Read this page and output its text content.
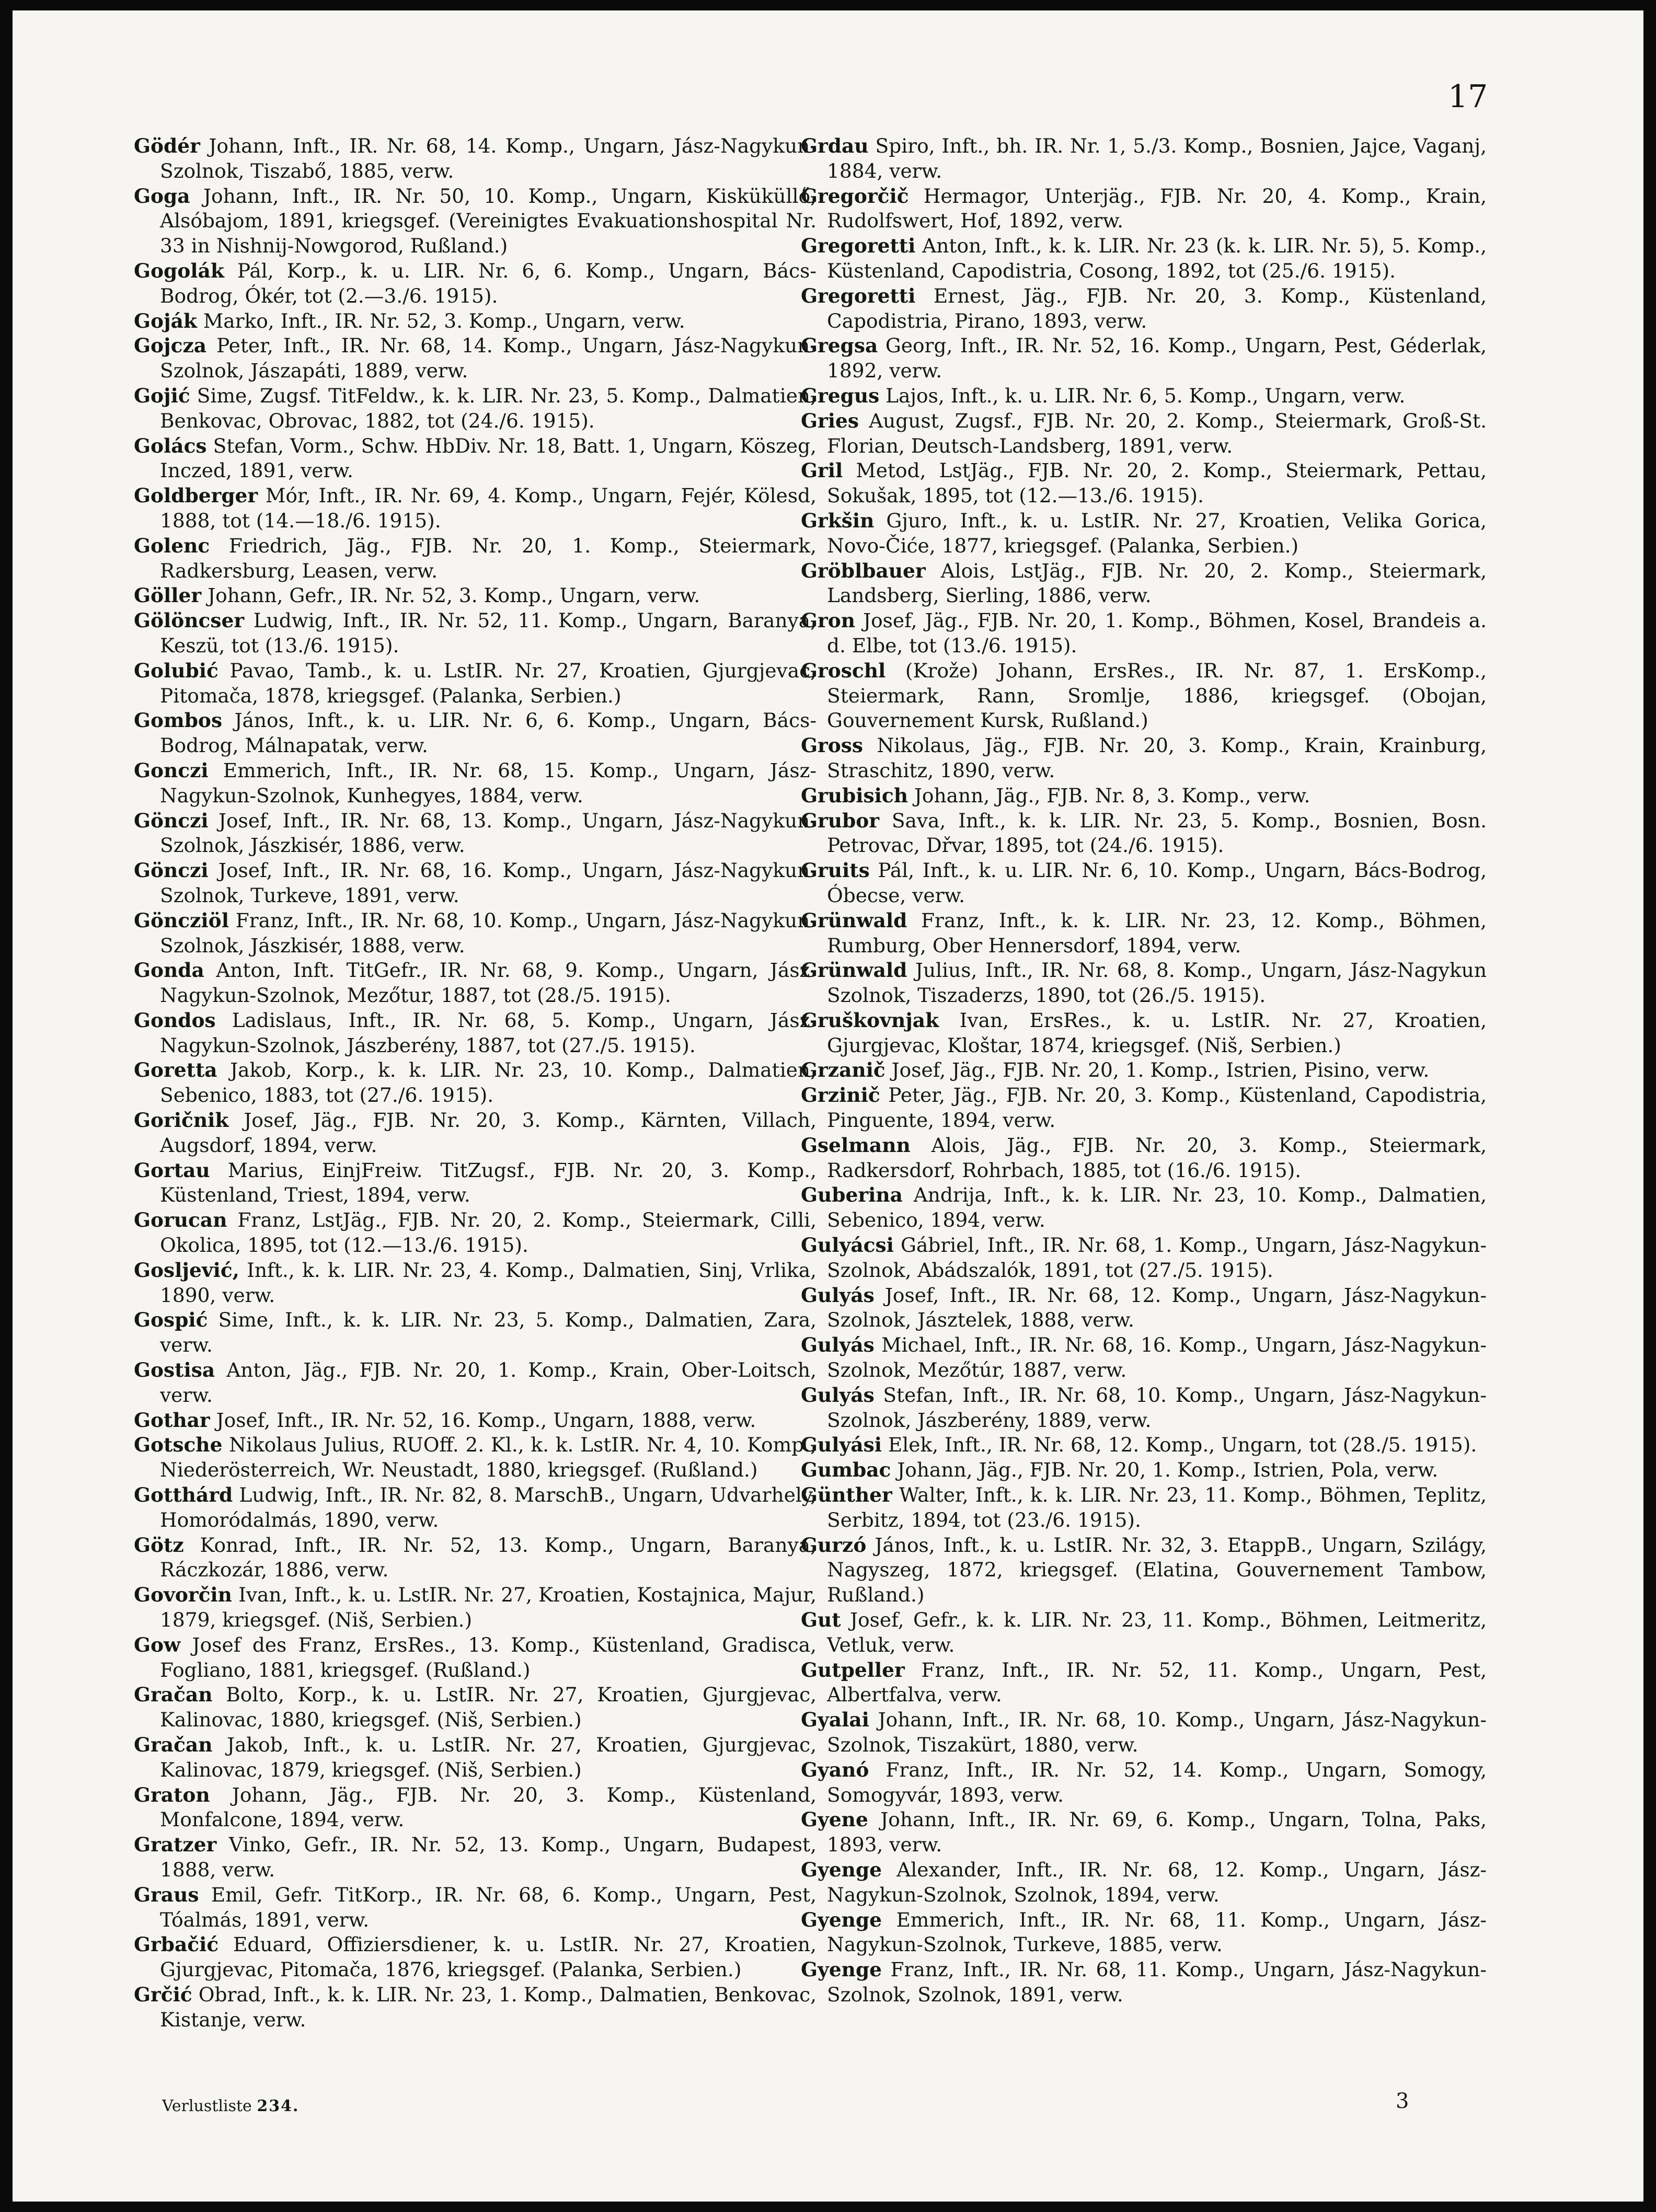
17

Gödér Johann, Inft., IR. Nr. 68, 14. Komp., Ungarn, Jász-Nagykun-Szolnok, Tiszabő, 1885, verw.

Goga Johann, Inft., IR. Nr. 50, 10. Komp., Ungarn, Kisküküllő, Alsóbajom, 1891, kriegsgef. (Vereinigtes Evakuationshospital Nr. 33 in Nishnij-Nowgorod, Rußland.)

Gogolák Pál, Korp., k. u. LIR. Nr. 6, 6. Komp., Ungarn, Bács-Bodrog, Ókér, tot (2.—3./6. 1915).

Goják Marko, Inft., IR. Nr. 52, 3. Komp., Ungarn, verw.

Gojcza Peter, Inft., IR. Nr. 68, 14. Komp., Ungarn, Jász-Nagykun-Szolnok, Jászapáti, 1889, verw.

Gojić Sime, Zugsf. TitFeldw., k. k. LIR. Nr. 23, 5. Komp., Dalmatien, Benkovac, Obrovac, 1882, tot (24./6. 1915).

Golács Stefan, Vorm., Schw. HbDiv. Nr. 18, Batt. 1, Ungarn, Köszeg, Inczed, 1891, verw.

Goldberger Mór, Inft., IR. Nr. 69, 4. Komp., Ungarn, Fejér, Kölesd, 1888, tot (14.—18./6. 1915).

Golenc Friedrich, Jäg., FJB. Nr. 20, 1. Komp., Steiermark, Radkersburg, Leasen, verw.

Göller Johann, Gefr., IR. Nr. 52, 3. Komp., Ungarn, verw.

Gölöncser Ludwig, Inft., IR. Nr. 52, 11. Komp., Ungarn, Baranya, Keszü, tot (13./6. 1915).

Golubić Pavao, Tamb., k. u. LstIR. Nr. 27, Kroatien, Gjurgjevac, Pitomača, 1878, kriegsgef. (Palanka, Serbien.)

Gombos János, Inft., k. u. LIR. Nr. 6, 6. Komp., Ungarn, Bács-Bodrog, Málnapatak, verw.

Gonczi Emmerich, Inft., IR. Nr. 68, 15. Komp., Ungarn, Jász-Nagykun-Szolnok, Kunhegyes, 1884, verw.

Gönczi Josef, Inft., IR. Nr. 68, 13. Komp., Ungarn, Jász-Nagykun-Szolnok, Jászkisér, 1886, verw.

Gönczi Josef, Inft., IR. Nr. 68, 16. Komp., Ungarn, Jász-Nagykun-Szolnok, Turkeve, 1891, verw.

Göncziöl Franz, Inft., IR. Nr. 68, 10. Komp., Ungarn, Jász-Nagykun-Szolnok, Jászkisér, 1888, verw.

Gonda Anton, Inft. TitGefr., IR. Nr. 68, 9. Komp., Ungarn, Jász-Nagykun-Szolnok, Mezőtur, 1887, tot (28./5. 1915).

Gondos Ladislaus, Inft., IR. Nr. 68, 5. Komp., Ungarn, Jász-Nagykun-Szolnok, Jászberény, 1887, tot (27./5. 1915).

Goretta Jakob, Korp., k. k. LIR. Nr. 23, 10. Komp., Dalmatien, Sebenico, 1883, tot (27./6. 1915).

Goričnik Josef, Jäg., FJB. Nr. 20, 3. Komp., Kärnten, Villach, Augsdorf, 1894, verw.

Gortau Marius, EinjFreiw. TitZugsf., FJB. Nr. 20, 3. Komp., Küstenland, Triest, 1894, verw.

Gorucan Franz, LstJäg., FJB. Nr. 20, 2. Komp., Steiermark, Cilli, Okolica, 1895, tot (12.—13./6. 1915).

Gosljević, Inft., k. k. LIR. Nr. 23, 4. Komp., Dalmatien, Sinj, Vrlika, 1890, verw.

Gospić Sime, Inft., k. k. LIR. Nr. 23, 5. Komp., Dalmatien, Zara, verw.

Gostisa Anton, Jäg., FJB. Nr. 20, 1. Komp., Krain, Ober-Loitsch, verw.

Gothar Josef, Inft., IR. Nr. 52, 16. Komp., Ungarn, 1888, verw.

Gotsche Nikolaus Julius, RUOff. 2. Kl., k. k. LstIR. Nr. 4, 10. Komp., Niederösterreich, Wr. Neustadt, 1880, kriegsgef. (Rußland.)

Gotthárd Ludwig, Inft., IR. Nr. 82, 8. MarschB., Ungarn, Udvarhely, Homoródalmás, 1890, verw.

Götz Konrad, Inft., IR. Nr. 52, 13. Komp., Ungarn, Baranya, Ráczkozár, 1886, verw.

Govorčin Ivan, Inft., k. u. LstIR. Nr. 27, Kroatien, Kostajnica, Majur, 1879, kriegsgef. (Niš, Serbien.)

Gow Josef des Franz, ErsRes., 13. Komp., Küstenland, Gradisca, Fogliano, 1881, kriegsgef. (Rußland.)

Gračan Bolto, Korp., k. u. LstIR. Nr. 27, Kroatien, Gjurgjevac, Kalinovac, 1880, kriegsgef. (Niš, Serbien.)

Gračan Jakob, Inft., k. u. LstIR. Nr. 27, Kroatien, Gjurgjevac, Kalinovac, 1879, kriegsgef. (Niš, Serbien.)

Graton Johann, Jäg., FJB. Nr. 20, 3. Komp., Küstenland, Monfalcone, 1894, verw.

Gratzer Vinko, Gefr., IR. Nr. 52, 13. Komp., Ungarn, Budapest, 1888, verw.

Graus Emil, Gefr. TitKorp., IR. Nr. 68, 6. Komp., Ungarn, Pest, Tóalmás, 1891, verw.

Grbačić Eduard, Offiziersdiener, k. u. LstIR. Nr. 27, Kroatien, Gjurgjevac, Pitomača, 1876, kriegsgef. (Palanka, Serbien.)

Grčić Obrad, Inft., k. k. LIR. Nr. 23, 1. Komp., Dalmatien, Benkovac, Kistanje, verw.

Grdau Spiro, Inft., bh. IR. Nr. 1, 5./3. Komp., Bosnien, Jajce, Vaganj, 1884, verw.

Gregorčič Hermagor, Unterjäg., FJB. Nr. 20, 4. Komp., Krain, Rudolfswert, Hof, 1892, verw.

Gregoretti Anton, Inft., k. k. LIR. Nr. 23 (k. k. LIR. Nr. 5), 5. Komp., Küstenland, Capodistria, Cosong, 1892, tot (25./6. 1915).

Gregoretti Ernest, Jäg., FJB. Nr. 20, 3. Komp., Küstenland, Capodistria, Pirano, 1893, verw.

Gregsa Georg, Inft., IR. Nr. 52, 16. Komp., Ungarn, Pest, Géderlak, 1892, verw.

Gregus Lajos, Inft., k. u. LIR. Nr. 6, 5. Komp., Ungarn, verw.

Gries August, Zugsf., FJB. Nr. 20, 2. Komp., Steiermark, Groß-St. Florian, Deutsch-Landsberg, 1891, verw.

Gril Metod, LstJäg., FJB. Nr. 20, 2. Komp., Steiermark, Pettau, Sokušak, 1895, tot (12.—13./6. 1915).

Grkšin Gjuro, Inft., k. u. LstIR. Nr. 27, Kroatien, Velika Gorica, Novo-Čiće, 1877, kriegsgef. (Palanka, Serbien.)

Gröblbauer Alois, LstJäg., FJB. Nr. 20, 2. Komp., Steiermark, Landsberg, Sierling, 1886, verw.

Gron Josef, Jäg., FJB. Nr. 20, 1. Komp., Böhmen, Kosel, Brandeis a. d. Elbe, tot (13./6. 1915).

Groschl (Krože) Johann, ErsRes., IR. Nr. 87, 1. ErsKomp., Steiermark, Rann, Sromlje, 1886, kriegsgef. (Obojan, Gouvernement Kursk, Rußland.)

Gross Nikolaus, Jäg., FJB. Nr. 20, 3. Komp., Krain, Krainburg, Straschitz, 1890, verw.

Grubisich Johann, Jäg., FJB. Nr. 8, 3. Komp., verw.

Grubor Sava, Inft., k. k. LIR. Nr. 23, 5. Komp., Bosnien, Bosn. Petrovac, Dřvar, 1895, tot (24./6. 1915).

Gruits Pál, Inft., k. u. LIR. Nr. 6, 10. Komp., Ungarn, Bács-Bodrog, Óbecse, verw.

Grünwald Franz, Inft., k. k. LIR. Nr. 23, 12. Komp., Böhmen, Rumburg, Ober Hennersdorf, 1894, verw.

Grünwald Julius, Inft., IR. Nr. 68, 8. Komp., Ungarn, Jász-Nagykun Szolnok, Tiszaderzs, 1890, tot (26./5. 1915).

Gruškovnjak Ivan, ErsRes., k. u. LstIR. Nr. 27, Kroatien, Gjurgjevac, Kloštar, 1874, kriegsgef. (Niš, Serbien.)

Grzanič Josef, Jäg., FJB. Nr. 20, 1. Komp., Istrien, Pisino, verw.

Grzinič Peter, Jäg., FJB. Nr. 20, 3. Komp., Küstenland, Capodistria, Pinguente, 1894, verw.

Gselmann Alois, Jäg., FJB. Nr. 20, 3. Komp., Steiermark, Radkersdorf, Rohrbach, 1885, tot (16./6. 1915).

Guberina Andrija, Inft., k. k. LIR. Nr. 23, 10. Komp., Dalmatien, Sebenico, 1894, verw.

Gulyácsi Gábriel, Inft., IR. Nr. 68, 1. Komp., Ungarn, Jász-Nagykun-Szolnok, Abádszalók, 1891, tot (27./5. 1915).

Gulyás Josef, Inft., IR. Nr. 68, 12. Komp., Ungarn, Jász-Nagykun-Szolnok, Jásztelek, 1888, verw.

Gulyás Michael, Inft., IR. Nr. 68, 16. Komp., Ungarn, Jász-Nagykun-Szolnok, Mezőtúr, 1887, verw.

Gulyás Stefan, Inft., IR. Nr. 68, 10. Komp., Ungarn, Jász-Nagykun-Szolnok, Jászberény, 1889, verw.

Gulyási Elek, Inft., IR. Nr. 68, 12. Komp., Ungarn, tot (28./5. 1915).

Gumbac Johann, Jäg., FJB. Nr. 20, 1. Komp., Istrien, Pola, verw.

Günther Walter, Inft., k. k. LIR. Nr. 23, 11. Komp., Böhmen, Teplitz, Serbitz, 1894, tot (23./6. 1915).

Gurzó János, Inft., k. u. LstIR. Nr. 32, 3. EtappB., Ungarn, Szilágy, Nagyszeg, 1872, kriegsgef. (Elatina, Gouvernement Tambow, Rußland.)

Gut Josef, Gefr., k. k. LIR. Nr. 23, 11. Komp., Böhmen, Leitmeritz, Vetluk, verw.

Gutpeller Franz, Inft., IR. Nr. 52, 11. Komp., Ungarn, Pest, Albertfalva, verw.

Gyalai Johann, Inft., IR. Nr. 68, 10. Komp., Ungarn, Jász-Nagykun-Szolnok, Tiszakürt, 1880, verw.

Gyanó Franz, Inft., IR. Nr. 52, 14. Komp., Ungarn, Somogy, Somogyvár, 1893, verw.

Gyene Johann, Inft., IR. Nr. 69, 6. Komp., Ungarn, Tolna, Paks, 1893, verw.

Gyenge Alexander, Inft., IR. Nr. 68, 12. Komp., Ungarn, Jász-Nagykun-Szolnok, Szolnok, 1894, verw.

Gyenge Emmerich, Inft., IR. Nr. 68, 11. Komp., Ungarn, Jász-Nagykun-Szolnok, Turkeve, 1885, verw.

Gyenge Franz, Inft., IR. Nr. 68, 11. Komp., Ungarn, Jász-Nagykun-Szolnok, Szolnok, 1891, verw.

Verlustliste 234.	3
